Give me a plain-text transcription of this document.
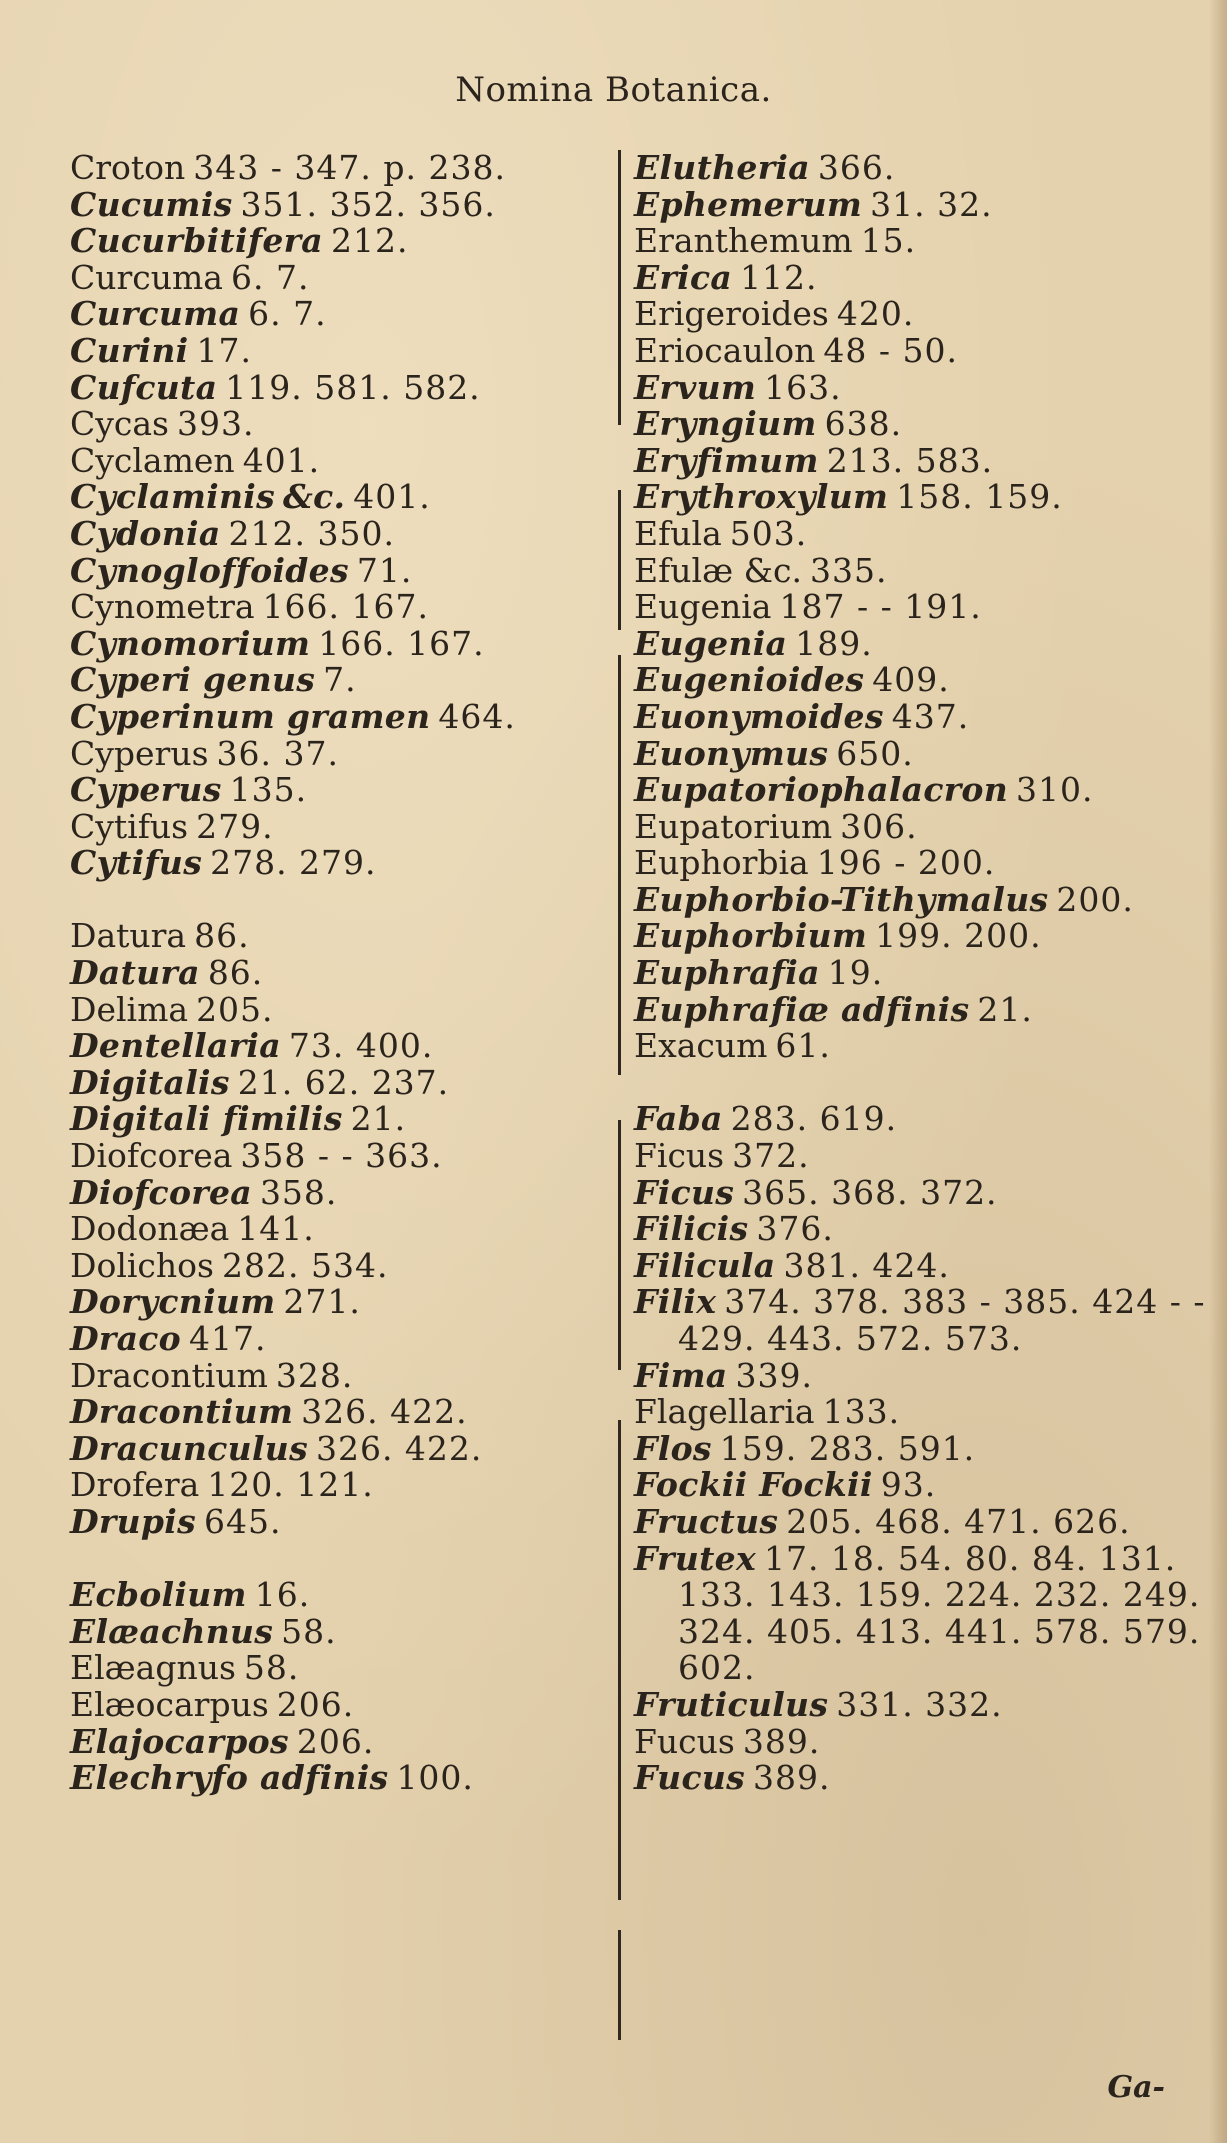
Nomina Botanica.
Croton 343 - 347. p. 238.
Cucumis 351. 352. 356.
Cucurbitifera 212.
Curcuma 6. 7.
Curcuma 6. 7.
Curini 17.
Cufcuta 119. 581. 582.
Cycas 393.
Cyclamen 401.
Cyclaminis &c. 401.
Cydonia 212. 350.
Cynogloffoides 71.
Cynometra 166. 167.
Cynomorium 166. 167.
Cyperi genus 7.
Cyperinum gramen 464.
Cyperus 36. 37.
Cyperus 135.
Cytifus 279.
Cytifus 278. 279.
Datura 86.
Datura 86.
Delima 205.
Dentellaria 73. 400.
Digitalis 21. 62. 237.
Digitali fimilis 21.
Diofcorea 358 - - 363.
Diofcorea 358.
Dodonæa 141.
Dolichos 282. 534.
Dorycnium 271.
Draco 417.
Dracontium 328.
Dracontium 326. 422.
Dracunculus 326. 422.
Drofera 120. 121.
Drupis 645.
Ecbolium 16.
Elæachnus 58.
Elæagnus 58.
Elæocarpus 206.
Elajocarpos 206.
Elechryfo adfinis 100.
Elutheria 366.
Ephemerum 31. 32.
Eranthemum 15.
Erica 112.
Erigeroides 420.
Eriocaulon 48 - 50.
Ervum 163.
Eryngium 638.
Eryfimum 213. 583.
Erythroxylum 158. 159.
Efula 503.
Efulæ &c. 335.
Eugenia 187 - - 191.
Eugenia 189.
Eugenioides 409.
Euonymoides 437.
Euonymus 650.
Eupatoriophalacron 310.
Eupatorium 306.
Euphorbia 196 - 200.
Euphorbio-Tithymalus 200.
Euphorbium 199. 200.
Euphrafia 19.
Euphrafiæ adfinis 21.
Exacum 61.
Faba 283. 619.
Ficus 372.
Ficus 365. 368. 372.
Filicis 376.
Filicula 381. 424.
Filix 374. 378. 383 - 385. 424 - -
429. 443. 572. 573.
Fima 339.
Flagellaria 133.
Flos 159. 283. 591.
Fockii Fockii 93.
Fructus 205. 468. 471. 626.
Frutex 17. 18. 54. 80. 84. 131.
133. 143. 159. 224. 232. 249.
324. 405. 413. 441. 578. 579.
602.
Fruticulus 331. 332.
Fucus 389.
Fucus 389.
Ga-
